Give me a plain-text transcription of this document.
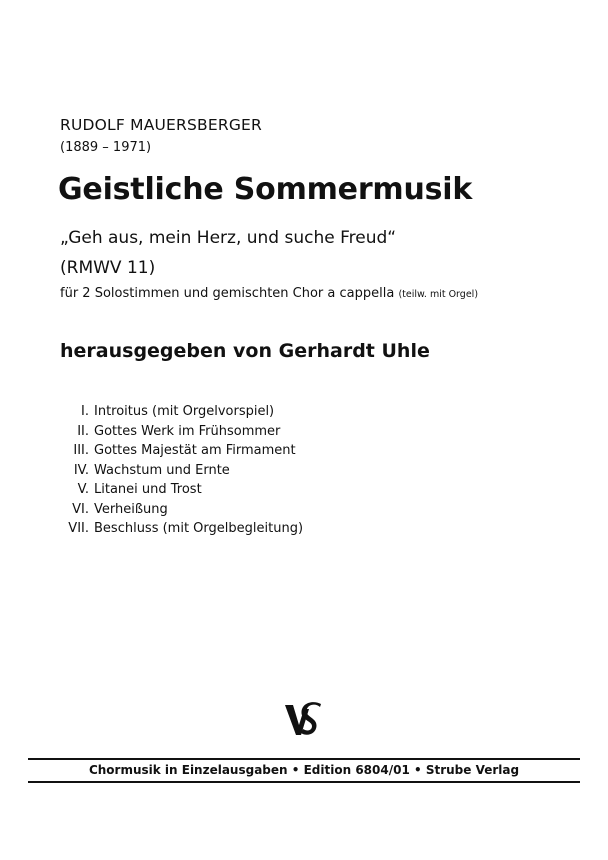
RUDOLF MAUERSBERGER
(1889 – 1971)
Geistliche Sommermusik
„Geh aus, mein Herz, und suche Freud“
(RMWV 11)
für 2 Solostimmen und gemischten Chor a cappella (teilw. mit Orgel)
herausgegeben von Gerhardt Uhle
I. Introitus (mit Orgelvorspiel)
II. Gottes Werk im Frühsommer
III. Gottes Majestät am Firmament
IV. Wachstum und Ernte
V. Litanei und Trost
VI. Verheißung
VII. Beschluss (mit Orgelbegleitung)
Chormusik in Einzelausgaben • Edition 6804/01 • Strube Verlag
